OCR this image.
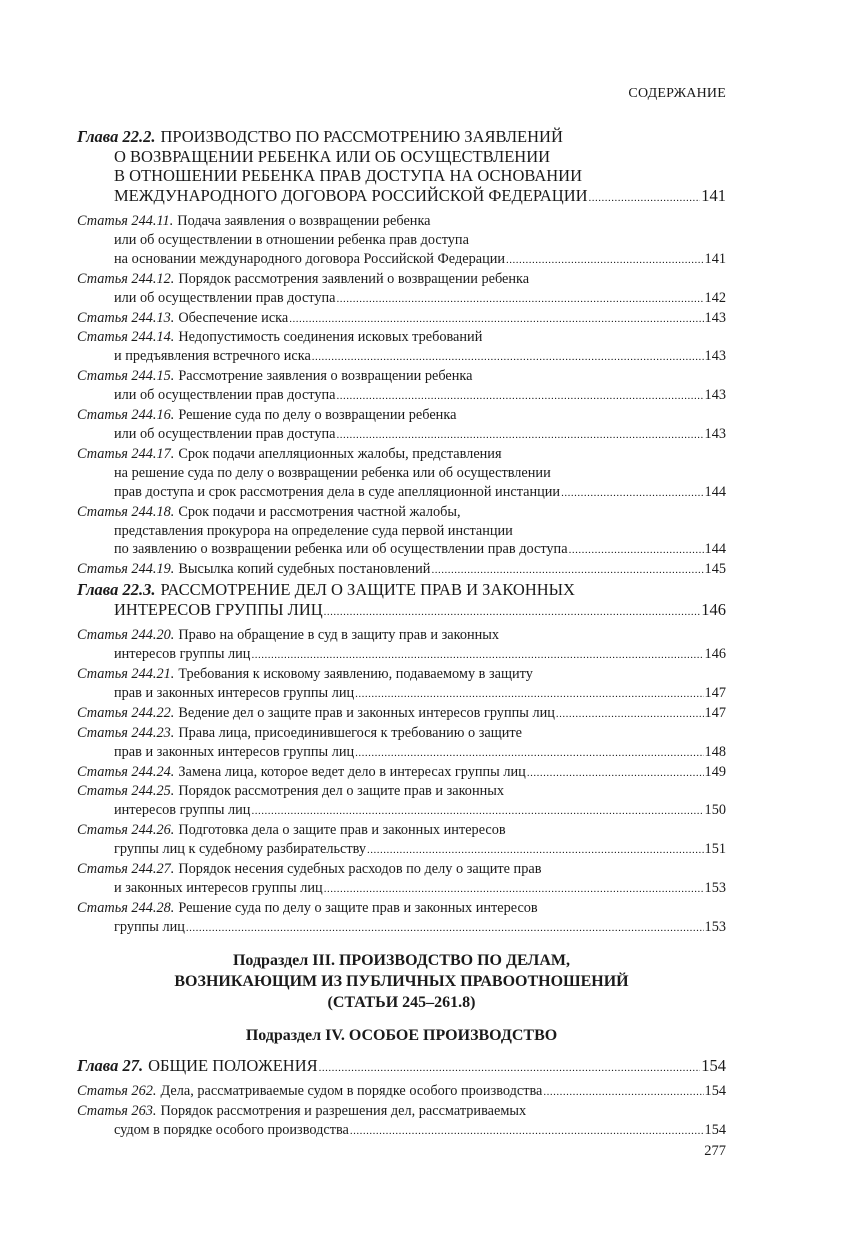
СОДЕРЖАНИЕ
Глава 22.2. ПРОИЗВОДСТВО ПО РАССМОТРЕНИЮ ЗАЯВЛЕНИЙ
О ВОЗВРАЩЕНИИ РЕБЕНКА ИЛИ ОБ ОСУЩЕСТВЛЕНИИ
В ОТНОШЕНИИ РЕБЕНКА ПРАВ ДОСТУПА НА ОСНОВАНИИ
МЕЖДУНАРОДНОГО ДОГОВОРА РОССИЙСКОЙ ФЕДЕРАЦИИ .....	141
Статья 244.11. Подача заявления о возвращении ребенка
или об осуществлении в отношении ребенка прав доступа
на основании международного договора Российской Федерации .....	141
Статья 244.12. Порядок рассмотрения заявлений о возвращении ребенка
или об осуществлении прав доступа .....	142
Статья 244.13. Обеспечение иска .....	143
Статья 244.14. Недопустимость соединения исковых требований
и предъявления встречного иска .....	143
Статья 244.15. Рассмотрение заявления о возвращении ребенка
или об осуществлении прав доступа .....	143
Статья 244.16. Решение суда по делу о возвращении ребенка
или об осуществлении прав доступа .....	143
Статья 244.17. Срок подачи апелляционных жалобы, представления
на решение суда по делу о возвращении ребенка или об осуществлении
прав доступа и срок рассмотрения дела в суде апелляционной инстанции .....	144
Статья 244.18. Срок подачи и рассмотрения частной жалобы,
представления прокурора на определение суда первой инстанции
по заявлению о возвращении ребенка или об осуществлении прав доступа .....	144
Статья 244.19. Высылка копий судебных постановлений .....	145
Глава 22.3. РАССМОТРЕНИЕ ДЕЛ О ЗАЩИТЕ ПРАВ И ЗАКОННЫХ
ИНТЕРЕСОВ ГРУППЫ ЛИЦ .....	146
Статья 244.20. Право на обращение в суд в защиту прав и законных
интересов группы лиц .....	146
Статья 244.21. Требования к исковому заявлению, подаваемому в защиту
прав и законных интересов группы лиц .....	147
Статья 244.22. Ведение дел о защите прав и законных интересов группы лиц .....	147
Статья 244.23. Права лица, присоединившегося к требованию о защите
прав и законных интересов группы лиц .....	148
Статья 244.24. Замена лица, которое ведет дело в интересах группы лиц .....	149
Статья 244.25. Порядок рассмотрения дел о защите прав и законных
интересов группы лиц .....	150
Статья 244.26. Подготовка дела о защите прав и законных интересов
группы лиц к судебному разбирательству .....	151
Статья 244.27. Порядок несения судебных расходов по делу о защите прав
и законных интересов группы лиц .....	153
Статья 244.28. Решение суда по делу о защите прав и законных интересов
группы лиц .....	153
Подраздел III. ПРОИЗВОДСТВО ПО ДЕЛАМ,
ВОЗНИКАЮЩИМ ИЗ ПУБЛИЧНЫХ ПРАВООТНОШЕНИЙ
(СТАТЬИ 245–261.8)
Подраздел IV. ОСОБОЕ ПРОИЗВОДСТВО
Глава 27. ОБЩИЕ ПОЛОЖЕНИЯ .....	154
Статья 262. Дела, рассматриваемые судом в порядке особого производства .....	154
Статья 263. Порядок рассмотрения и разрешения дел, рассматриваемых
судом в порядке особого производства .....	154
277
